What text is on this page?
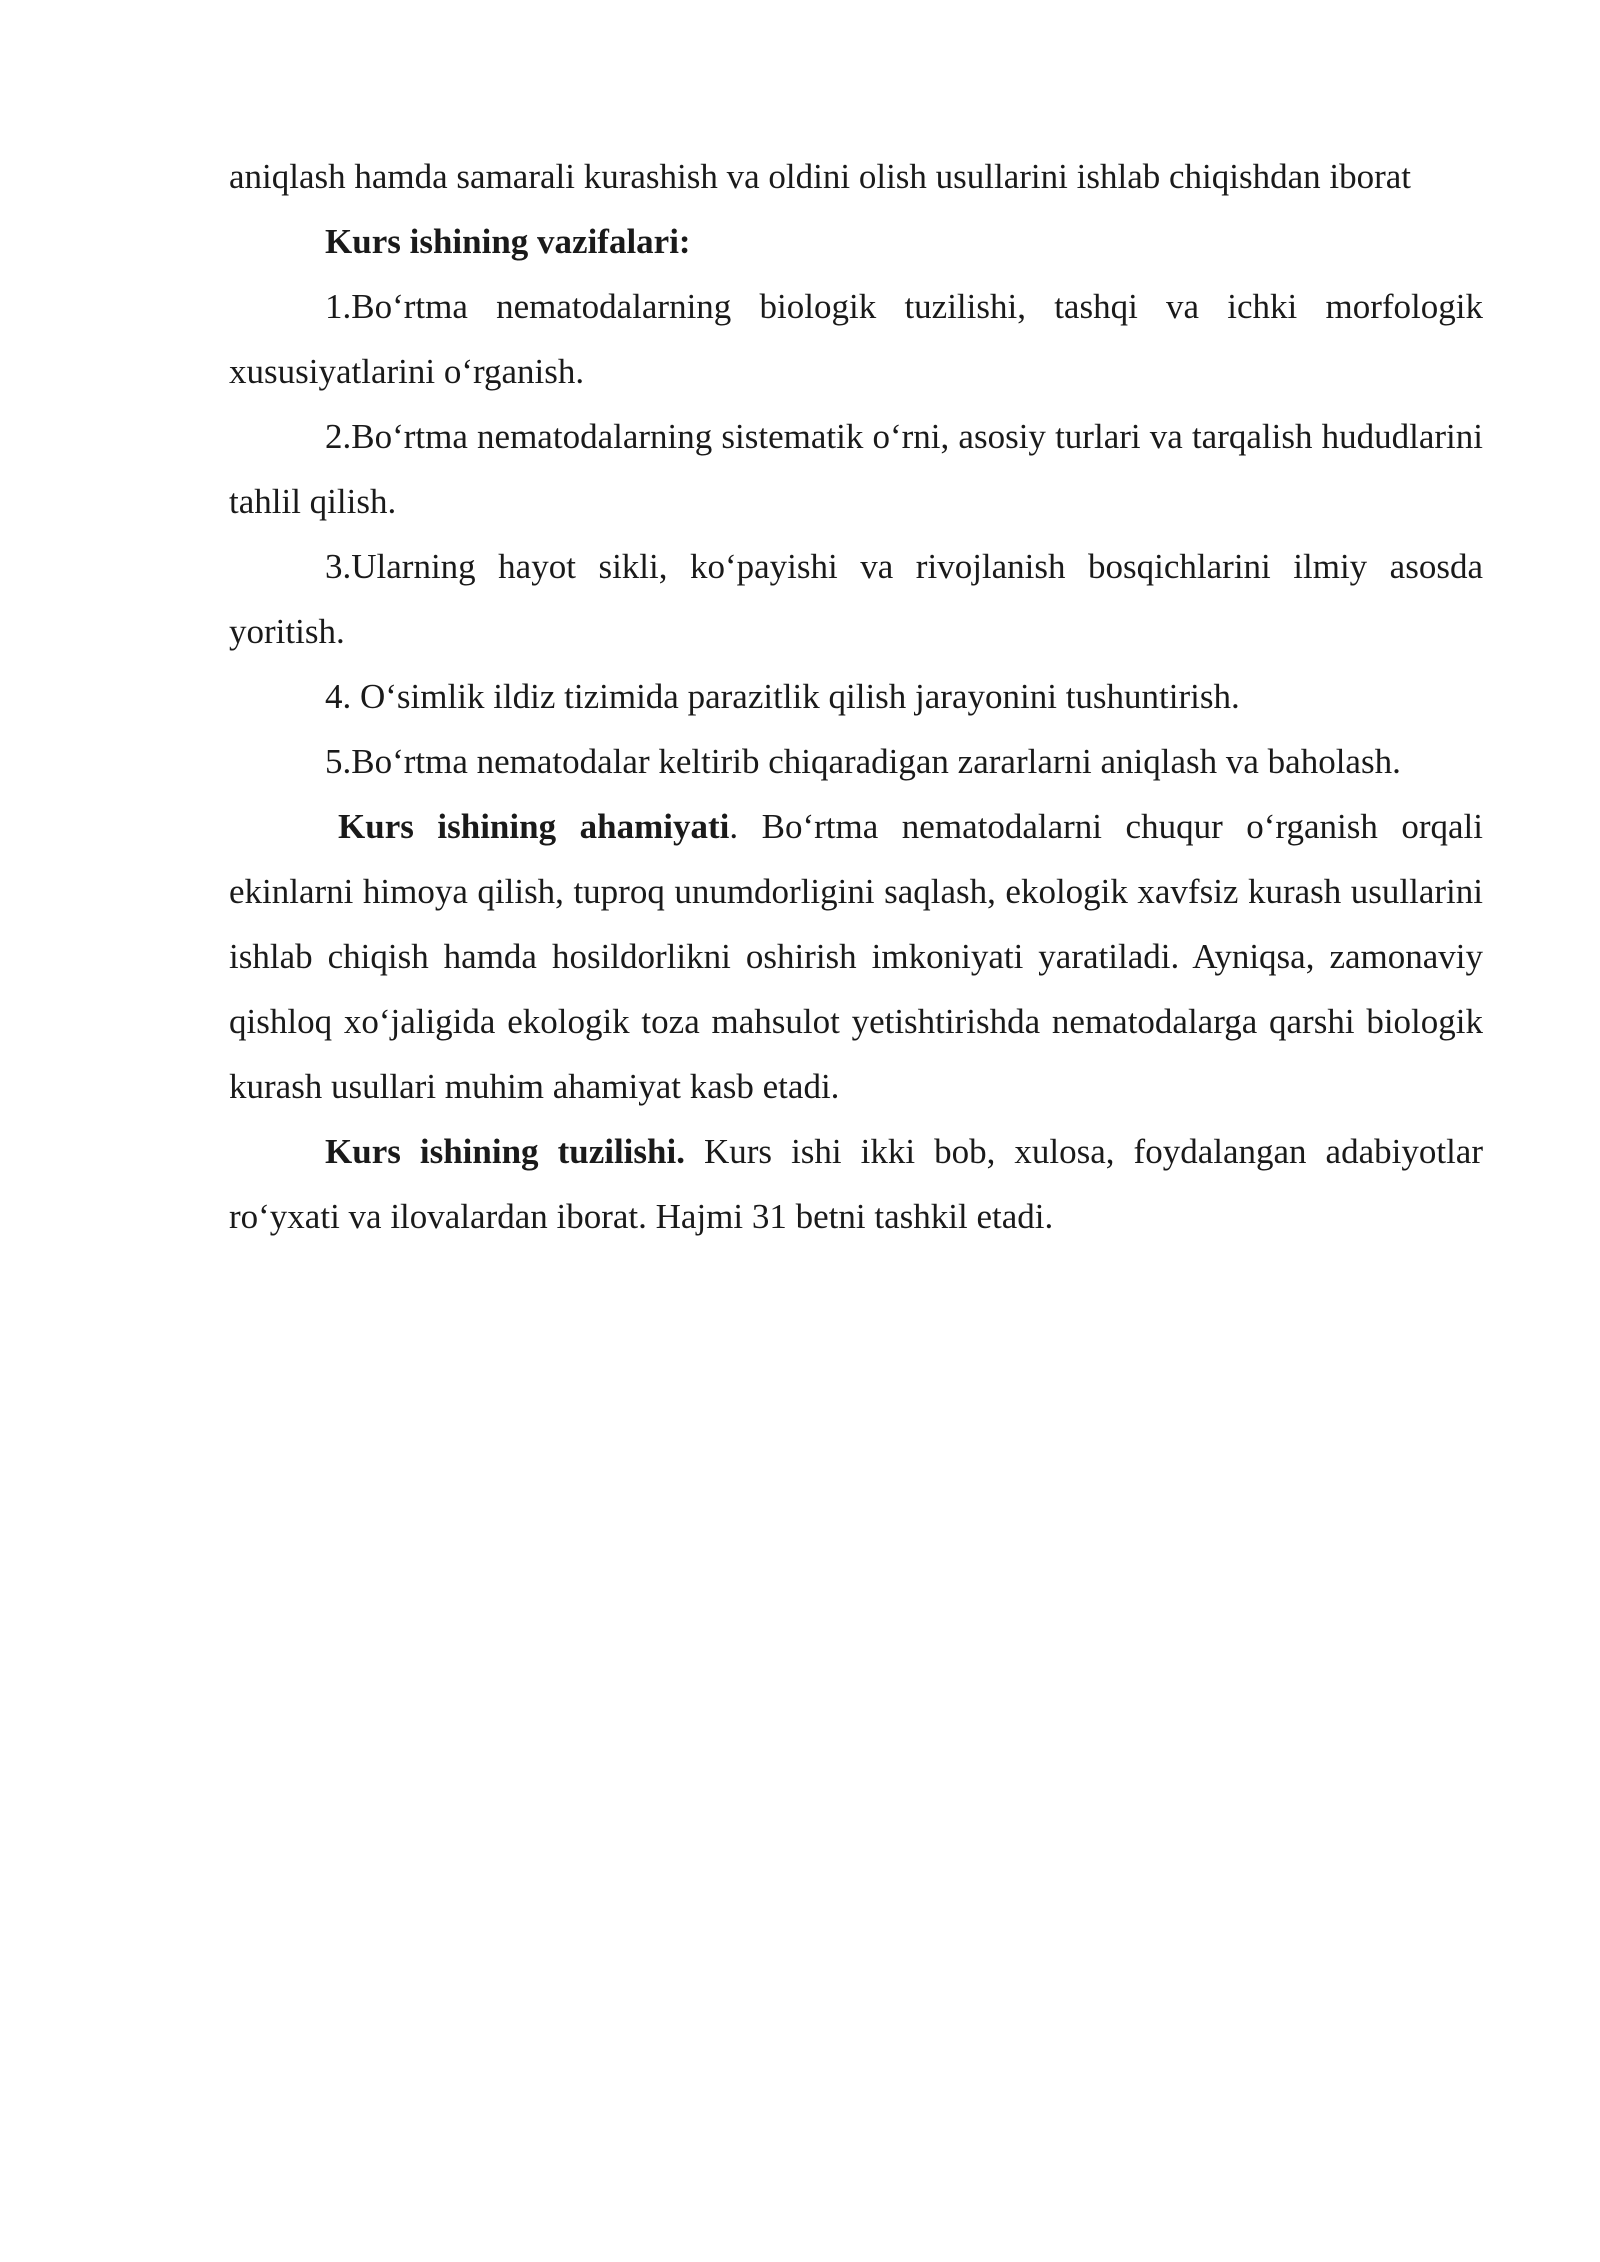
aniqlash hamda samarali kurashish va oldini olish usullarini ishlab chiqishdan iborat

Kurs ishining vazifalari:

1.Bo‘rtma nematodalarning biologik tuzilishi, tashqi va ichki morfologik xususiyatlarini o‘rganish.

2.Bo‘rtma nematodalarning sistematik o‘rni, asosiy turlari va tarqalish hududlarini tahlil qilish.

3.Ularning hayot sikli, ko‘payishi va rivojlanish bosqichlarini ilmiy asosda yoritish.

4. O‘simlik ildiz tizimida parazitlik qilish jarayonini tushuntirish.

5.Bo‘rtma nematodalar keltirib chiqaradigan zararlarni aniqlash va baholash.

Kurs ishining ahamiyati. Bo‘rtma nematodalarni chuqur o‘rganish orqali ekinlarni himoya qilish, tuproq unumdorligini saqlash, ekologik xavfsiz kurash usullarini ishlab chiqish hamda hosildorlikni oshirish imkoniyati yaratiladi. Ayniqsa, zamonaviy qishloq xo‘jaligida ekologik toza mahsulot yetishtirishda nematodalarga qarshi biologik kurash usullari muhim ahamiyat kasb etadi.

Kurs ishining tuzilishi. Kurs ishi ikki bob, xulosa, foydalangan adabiyotlar ro‘yxati va ilovalardan iborat. Hajmi 31 betni tashkil etadi.
